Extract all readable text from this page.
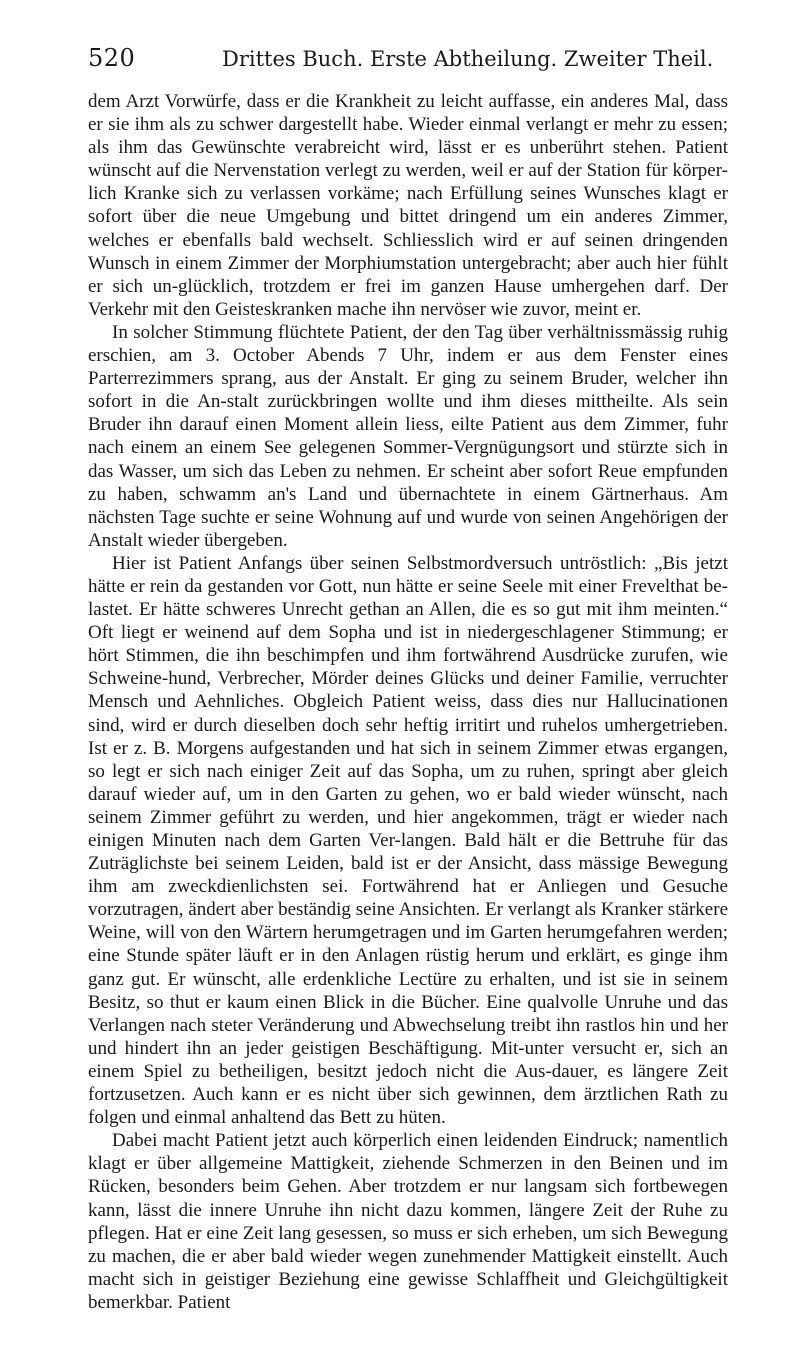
520	Drittes Buch. Erste Abtheilung. Zweiter Theil.

dem Arzt Vorwürfe, dass er die Krankheit zu leicht auffasse, ein anderes Mal, dass er sie ihm als zu schwer dargestellt habe. Wieder einmal verlangt er mehr zu essen; als ihm das Gewünschte verabreicht wird, lässt er es unberührt stehen. Patient wünscht auf die Nervenstation verlegt zu werden, weil er auf der Station für körper-lich Kranke sich zu verlassen vorkäme; nach Erfüllung seines Wunsches klagt er sofort über die neue Umgebung und bittet dringend um ein anderes Zimmer, welches er ebenfalls bald wechselt. Schliesslich wird er auf seinen dringenden Wunsch in einem Zimmer der Morphiumstation untergebracht; aber auch hier fühlt er sich un-glücklich, trotzdem er frei im ganzen Hause umhergehen darf. Der Verkehr mit den Geisteskranken mache ihn nervöser wie zuvor, meint er.

In solcher Stimmung flüchtete Patient, der den Tag über verhältnissmässig ruhig erschien, am 3. October Abends 7 Uhr, indem er aus dem Fenster eines Parterrezimmers sprang, aus der Anstalt. Er ging zu seinem Bruder, welcher ihn sofort in die An-stalt zurückbringen wollte und ihm dieses mittheilte. Als sein Bruder ihn darauf einen Moment allein liess, eilte Patient aus dem Zimmer, fuhr nach einem an einem See gelegenen Sommer-Vergnügungsort und stürzte sich in das Wasser, um sich das Leben zu nehmen. Er scheint aber sofort Reue empfunden zu haben, schwamm an's Land und übernachtete in einem Gärtnerhaus. Am nächsten Tage suchte er seine Wohnung auf und wurde von seinen Angehörigen der Anstalt wieder übergeben.

Hier ist Patient Anfangs über seinen Selbstmordversuch untröstlich: „Bis jetzt hätte er rein da gestanden vor Gott, nun hätte er seine Seele mit einer Frevelthat be-lastet. Er hätte schweres Unrecht gethan an Allen, die es so gut mit ihm meinten.“ Oft liegt er weinend auf dem Sopha und ist in niedergeschlagener Stimmung; er hört Stimmen, die ihn beschimpfen und ihm fortwährend Ausdrücke zurufen, wie Schweine-hund, Verbrecher, Mörder deines Glücks und deiner Familie, verruchter Mensch und Aehnliches. Obgleich Patient weiss, dass dies nur Hallucinationen sind, wird er durch dieselben doch sehr heftig irritirt und ruhelos umhergetrieben. Ist er z. B. Morgens aufgestanden und hat sich in seinem Zimmer etwas ergangen, so legt er sich nach einiger Zeit auf das Sopha, um zu ruhen, springt aber gleich darauf wieder auf, um in den Garten zu gehen, wo er bald wieder wünscht, nach seinem Zimmer geführt zu werden, und hier angekommen, trägt er wieder nach einigen Minuten nach dem Garten Ver-langen. Bald hält er die Bettruhe für das Zuträglichste bei seinem Leiden, bald ist er der Ansicht, dass mässige Bewegung ihm am zweckdienlichsten sei. Fortwährend hat er Anliegen und Gesuche vorzutragen, ändert aber beständig seine Ansichten. Er verlangt als Kranker stärkere Weine, will von den Wärtern herumgetragen und im Garten herumgefahren werden; eine Stunde später läuft er in den Anlagen rüstig herum und erklärt, es ginge ihm ganz gut. Er wünscht, alle erdenkliche Lectüre zu erhalten, und ist sie in seinem Besitz, so thut er kaum einen Blick in die Bücher. Eine qualvolle Unruhe und das Verlangen nach steter Veränderung und Abwechselung treibt ihn rastlos hin und her und hindert ihn an jeder geistigen Beschäftigung. Mit-unter versucht er, sich an einem Spiel zu betheiligen, besitzt jedoch nicht die Aus-dauer, es längere Zeit fortzusetzen. Auch kann er es nicht über sich gewinnen, dem ärztlichen Rath zu folgen und einmal anhaltend das Bett zu hüten.

Dabei macht Patient jetzt auch körperlich einen leidenden Eindruck; namentlich klagt er über allgemeine Mattigkeit, ziehende Schmerzen in den Beinen und im Rücken, besonders beim Gehen. Aber trotzdem er nur langsam sich fortbewegen kann, lässt die innere Unruhe ihn nicht dazu kommen, längere Zeit der Ruhe zu pflegen. Hat er eine Zeit lang gesessen, so muss er sich erheben, um sich Bewegung zu machen, die er aber bald wieder wegen zunehmender Mattigkeit einstellt. Auch macht sich in geistiger Beziehung eine gewisse Schlaffheit und Gleichgültigkeit bemerkbar. Patient
